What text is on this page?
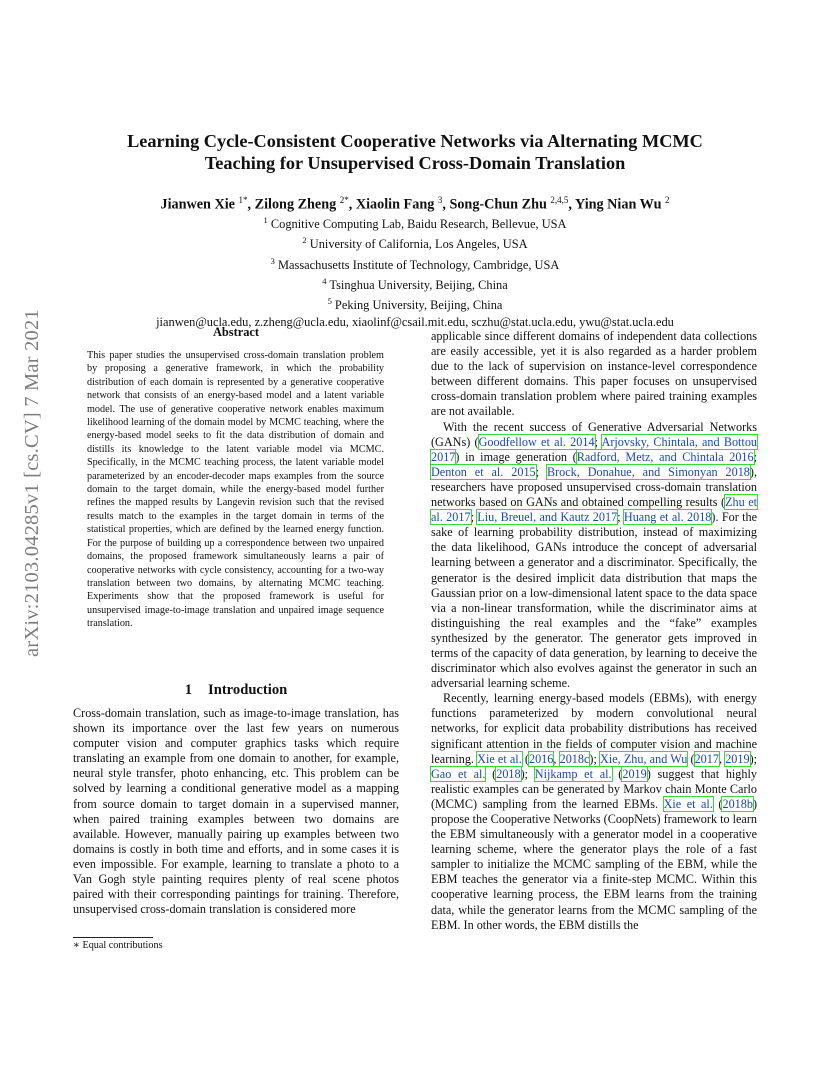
arXiv:2103.04285v1 [cs.CV] 7 Mar 2021
Learning Cycle-Consistent Cooperative Networks via Alternating MCMC
Teaching for Unsupervised Cross-Domain Translation
Jianwen Xie $^{1*}$, Zilong Zheng $^{2*}$, Xiaolin Fang $^3$, Song-Chun Zhu $^{2,4,5}$, Ying Nian Wu $^2$
$^1$ Cognitive Computing Lab, Baidu Research, Bellevue, USA
$^2$ University of California, Los Angeles, USA
$^3$ Massachusetts Institute of Technology, Cambridge, USA
$^4$ Tsinghua University, Beijing, China
$^5$ Peking University, Beijing, China
jianwen@ucla.edu, z.zheng@ucla.edu, xiaolinf@csail.mit.edu, sczhu@stat.ucla.edu, ywu@stat.ucla.edu
Abstract
This paper studies the unsupervised cross-domain translation problem by proposing a generative framework, in which the probability distribution of each domain is represented by a generative cooperative network that consists of an energy-based model and a latent variable model. The use of generative cooperative network enables maximum likelihood learning of the domain model by MCMC teaching, where the energy-based model seeks to fit the data distribution of domain and distills its knowledge to the latent variable model via MCMC. Specifically, in the MCMC teaching process, the latent variable model parameterized by an encoder-decoder maps examples from the source domain to the target domain, while the energy-based model further refines the mapped results by Langevin revision such that the revised results match to the examples in the target domain in terms of the statistical properties, which are defined by the learned energy function. For the purpose of building up a correspondence between two unpaired domains, the proposed framework simultaneously learns a pair of cooperative networks with cycle consistency, accounting for a two-way translation between two domains, by alternating MCMC teaching. Experiments show that the proposed framework is useful for unsupervised image-to-image translation and unpaired image sequence translation.
1 Introduction

Cross-domain translation, such as image-to-image translation, has shown its importance over the last few years on numerous computer vision and computer graphics tasks which require translating an example from one domain to another, for example, neural style transfer, photo enhancing, etc. This problem can be solved by learning a conditional generative model as a mapping from source domain to target domain in a supervised manner, when paired training examples between two domains are available. However, manually pairing up examples between two domains is costly in both time and efforts, and in some cases it is even impossible. For example, learning to translate a photo to a Van Gogh style painting requires plenty of real scene photos paired with their corresponding paintings for training. Therefore, unsupervised cross-domain translation is considered more

applicable since different domains of independent data collections are easily accessible, yet it is also regarded as a harder problem due to the lack of supervision on instance-level correspondence between different domains. This paper focuses on unsupervised cross-domain translation problem where paired training examples are not available.

With the recent success of Generative Adversarial Networks (GANs) (Goodfellow et al. 2014; Arjovsky, Chintala, and Bottou 2017) in image generation (Radford, Metz, and Chintala 2016; Denton et al. 2015; Brock, Donahue, and Simonyan 2018), researchers have proposed unsupervised cross-domain translation networks based on GANs and obtained compelling results (Zhu et al. 2017; Liu, Breuel, and Kautz 2017; Huang et al. 2018). For the sake of learning probability distribution, instead of maximizing the data likelihood, GANs introduce the concept of adversarial learning between a generator and a discriminator. Specifically, the generator is the desired implicit data distribution that maps the Gaussian prior on a low-dimensional latent space to the data space via a non-linear transformation, while the discriminator aims at distinguishing the real examples and the “fake” examples synthesized by the generator. The generator gets improved in terms of the capacity of data generation, by learning to deceive the discriminator which also evolves against the generator in such an adversarial learning scheme.

Recently, learning energy-based models (EBMs), with energy functions parameterized by modern convolutional neural networks, for explicit data probability distributions has received significant attention in the fields of computer vision and machine learning. Xie et al. (2016, 2018c); Xie, Zhu, and Wu (2017, 2019); Gao et al. (2018); Nijkamp et al. (2019) suggest that highly realistic examples can be generated by Markov chain Monte Carlo (MCMC) sampling from the learned EBMs. Xie et al. (2018b) propose the Cooperative Networks (CoopNets) framework to learn the EBM simultaneously with a generator model in a cooperative learning scheme, where the generator plays the role of a fast sampler to initialize the MCMC sampling of the EBM, while the EBM teaches the generator via a finite-step MCMC. Within this cooperative learning process, the EBM learns from the training data, while the generator learns from the MCMC sampling of the EBM. In other words, the EBM distills the

∗ Equal contributions
